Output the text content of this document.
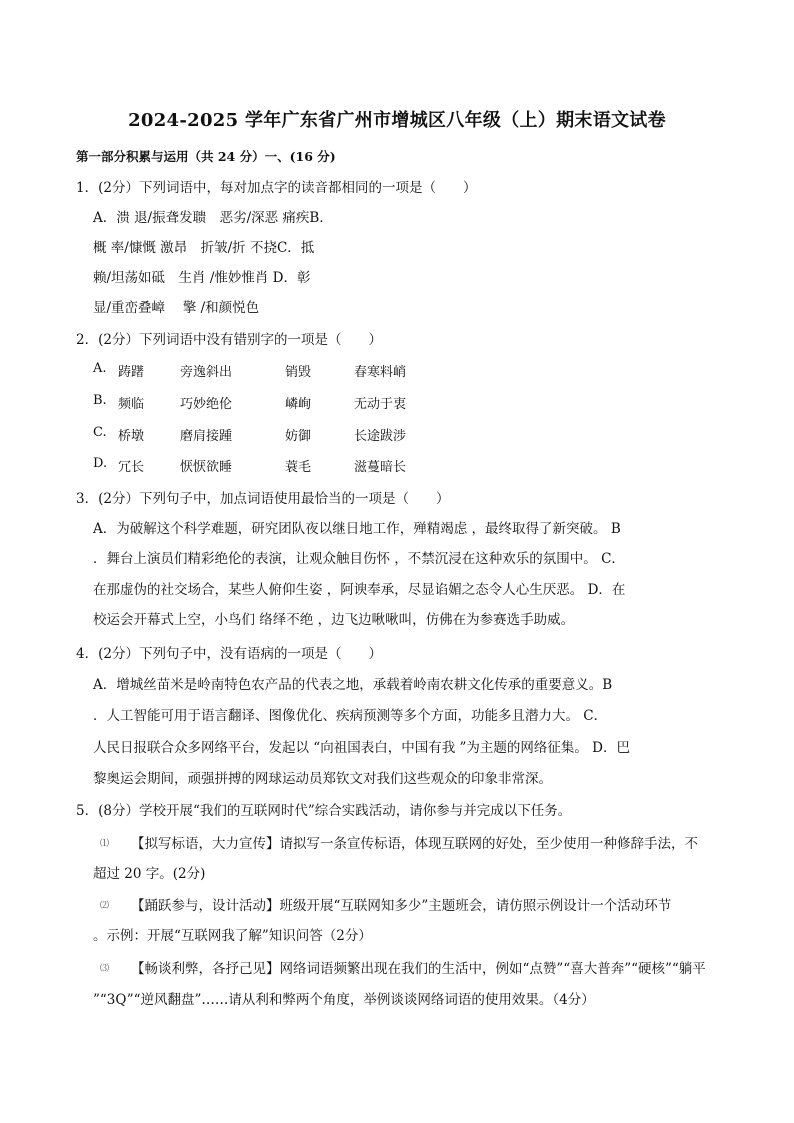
2024-2025 学年广东省广州市增城区八年级（上）期末语文试卷
第一部分积累与运用（共 24 分）一、(16 分)
1．(2分）下列词语中，每对加点字的读音都相同的一项是（　　）
A．溃 退/振聋发聩　恶劣/深恶 痛疾B．
概 率/慷慨 激昂　折皱/折 不挠C．抵
赖/坦荡如砥　生肖 /惟妙惟肖 D．彰
显/重峦叠嶂　 擎 /和颜悦色
2．(2分）下列词语中没有错别字的一项是（　　）
A. 踌躇	旁逸斜出	销毁	春寒料峭
B. 频临	巧妙绝伦	嶙峋	无动于衷
C. 桥墩	磨肩接踵	妨御	长途跋涉
D. 冗长	恹恹欲睡	蓑毛	滋蔓暗长
3．(2分）下列句子中，加点词语使用最恰当的一项是（　　）
A．为破解这个科学难题，研究团队夜以继日地工作，殚精竭虑 ，最终取得了新突破。 B
．舞台上演员们精彩绝伦的表演，让观众触目伤怀 ，不禁沉浸在这种欢乐的氛围中。 C．
在那虚伪的社交场合，某些人俯仰生姿 ，阿谀奉承，尽显谄媚之态令人心生厌恶。 D．在
校运会开幕式上空，小鸟们 络绎不绝 ，边飞边啾啾叫，仿佛在为参赛选手助威。
4．(2分）下列句子中，没有语病的一项是（　　）
A．增城丝苗米是岭南特色农产品的代表之地，承载着岭南农耕文化传承的重要意义。B
．人工智能可用于语言翻译、图像优化、疾病预测等多个方面，功能多且潜力大。 C．
人民日报联合众多网络平台，发起以 “向祖国表白，中国有我 ”为主题的网络征集。 D．巴
黎奥运会期间，顽强拼搏的网球运动员郑钦文对我们这些观众的印象非常深。
5．(8分）学校开展“我们的互联网时代”综合实践活动，请你参与并完成以下任务。
⑴ 【拟写标语，大力宣传】请拟写一条宣传标语，体现互联网的好处，至少使用一种修辞手法，不
超过 20 字。(2分)
⑵ 【踊跃参与，设计活动】班级开展“互联网知多少”主题班会，请仿照示例设计一个活动环节
。示例：开展“互联网我了解”知识问答（2分）
⑶ 【畅谈利弊，各抒己见】网络词语频繁出现在我们的生活中，例如“点赞”“喜大普奔”“硬核”“躺平
”“3Q”“逆风翻盘”……请从利和弊两个角度，举例谈谈网络词语的使用效果。（4分）
